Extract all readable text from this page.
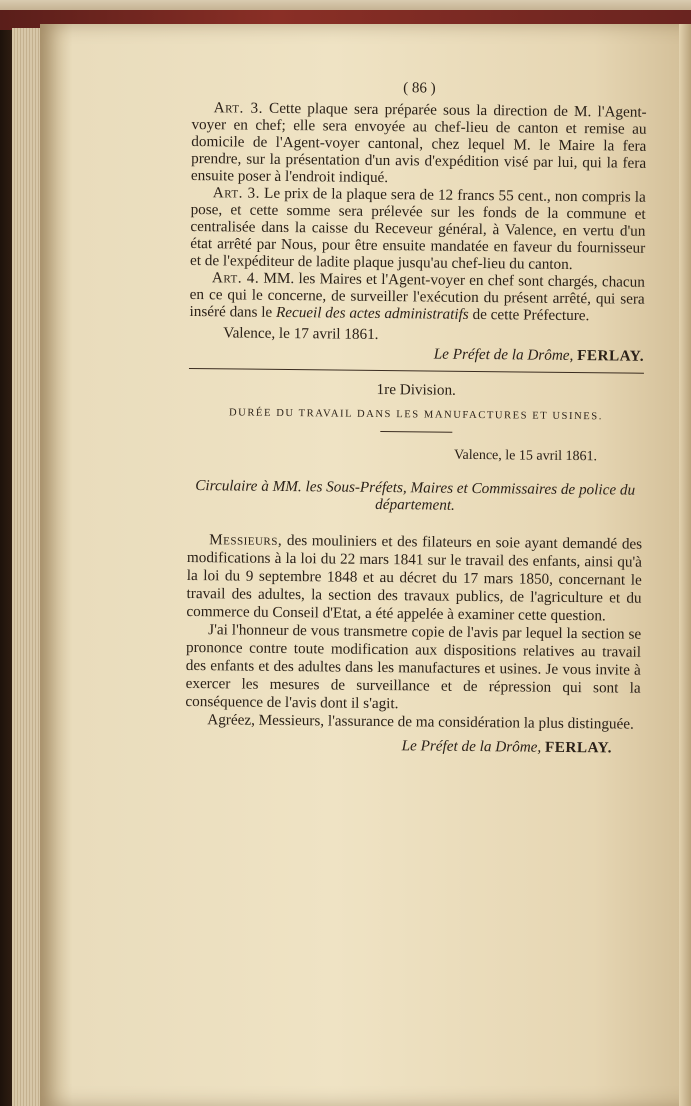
( 86 )

Art. 3. Cette plaque sera préparée sous la direction de M. l'Agent-voyer en chef; elle sera envoyée au chef-lieu de canton et remise au domicile de l'Agent-voyer cantonal, chez lequel M. le Maire la fera prendre, sur la présentation d'un avis d'expédition visé par lui, qui la fera ensuite poser à l'endroit indiqué.

Art. 3. Le prix de la plaque sera de 12 francs 55 cent., non compris la pose, et cette somme sera prélevée sur les fonds de la commune et centralisée dans la caisse du Receveur général, à Valence, en vertu d'un état arrêté par Nous, pour être ensuite mandatée en faveur du fournisseur et de l'expéditeur de ladite plaque jusqu'au chef-lieu du canton.

Art. 4. MM. les Maires et l'Agent-voyer en chef sont chargés, chacun en ce qui le concerne, de surveiller l'exécution du présent arrêté, qui sera inséré dans le Recueil des actes administratifs de cette Préfecture.

Valence, le 17 avril 1861.

Le Préfet de la Drôme, FERLAY.
1re Division.
DURÉE DU TRAVAIL DANS LES MANUFACTURES ET USINES.
Valence, le 15 avril 1861.
Circulaire à MM. les Sous-Préfets, Maires et Commissaires de police du département.

Messieurs, des mouliniers et des filateurs en soie ayant demandé des modifications à la loi du 22 mars 1841 sur le travail des enfants, ainsi qu'à la loi du 9 septembre 1848 et au décret du 17 mars 1850, concernant le travail des adultes, la section des travaux publics, de l'agriculture et du commerce du Conseil d'Etat, a été appelée à examiner cette question.

J'ai l'honneur de vous transmetre copie de l'avis par lequel la section se prononce contre toute modification aux dispositions relatives au travail des enfants et des adultes dans les manufactures et usines. Je vous invite à exercer les mesures de surveillance et de répression qui sont la conséquence de l'avis dont il s'agit.

Agréez, Messieurs, l'assurance de ma considération la plus distinguée.

Le Préfet de la Drôme, FERLAY.
